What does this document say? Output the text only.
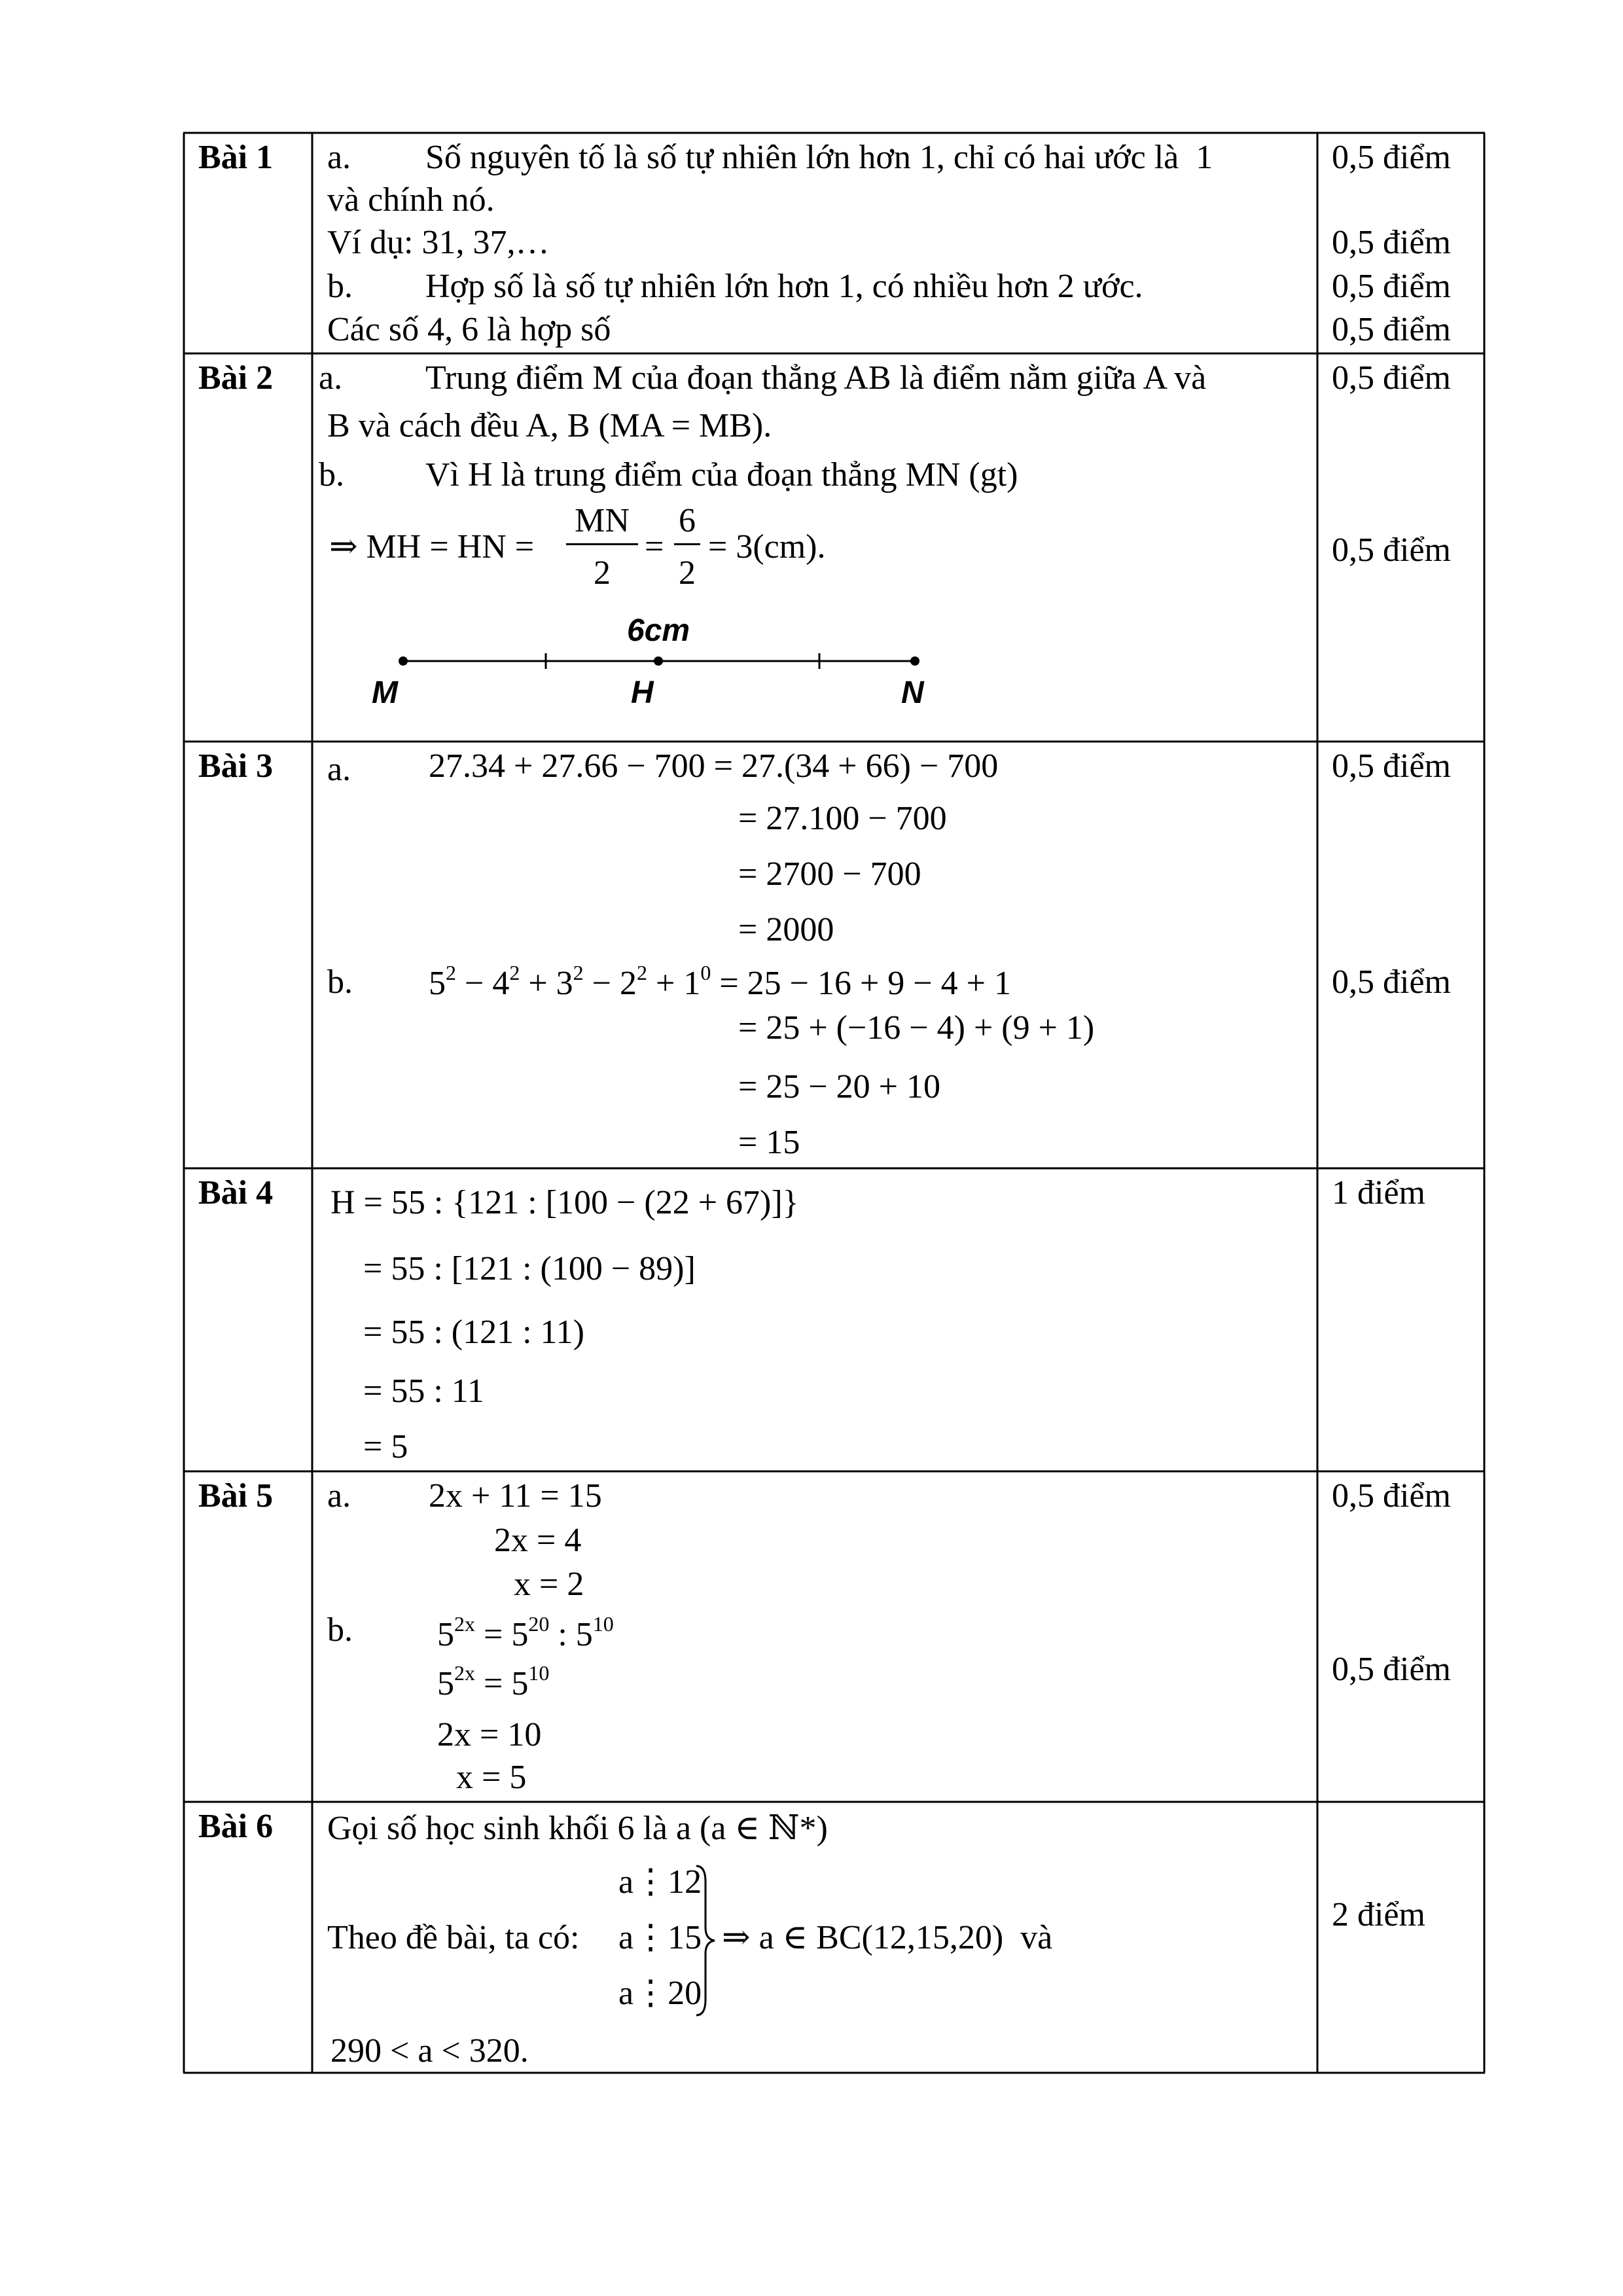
Bài 1 a. Số nguyên tố là số tự nhiên lớn hơn 1, chỉ có hai ước là  1
và chính nó.
Ví dụ: 31, 37,…
b. Hợp số là số tự nhiên lớn hơn 1, có nhiều hơn 2 ước.
Các số 4, 6 là hợp số
0,5 điểm
0,5 điểm
0,5 điểm
0,5 điểm
Bài 2 a. Trung điểm M của đoạn thẳng AB là điểm nằm giữa A và
B và cách đều A, B (MA = MB).
b. Vì H là trung điểm của đoạn thẳng MN (gt)
⇒ MH = HN =
MN
2
=
6
2
= 3(cm).
6cm
M	H	N
0,5 điểm
0,5 điểm
Bài 3 a. 27.34 + 27.66 − 700 = 27.(34 + 66) − 700
= 27.100 − 700
= 2700 − 700
= 2000
b. $5^2 - 4^2 + 3^2 - 2^2 + 1^0 = 25 - 16 + 9 - 4 + 1$
= 25 + (−16 − 4) + (9 + 1)
= 25 − 20 + 10
= 15
0,5 điểm
0,5 điểm
Bài 4 H = 55 : {121 : [100 − (22 + 67)]}
= 55 : [121 : (100 − 89)]
= 55 : (121 : 11)
= 55 : 11
= 5
1 điểm
Bài 5 a. 2x + 11 = 15
2x = 4
x = 2
b. $5^{2x} = 5^{20}$ : $5^{10}$
$5^{2x} = 5^{10}$
2x = 10
x = 5
0,5 điểm
0,5 điểm
Bài 6 Gọi số học sinh khối 6 là a (a ∈ ℕ*)
a⋮12
Theo đề bài, ta có: a⋮15
a⋮20
⇒ a ∈ BC(12,15,20)  và
290 < a < 320.
2 điểm
